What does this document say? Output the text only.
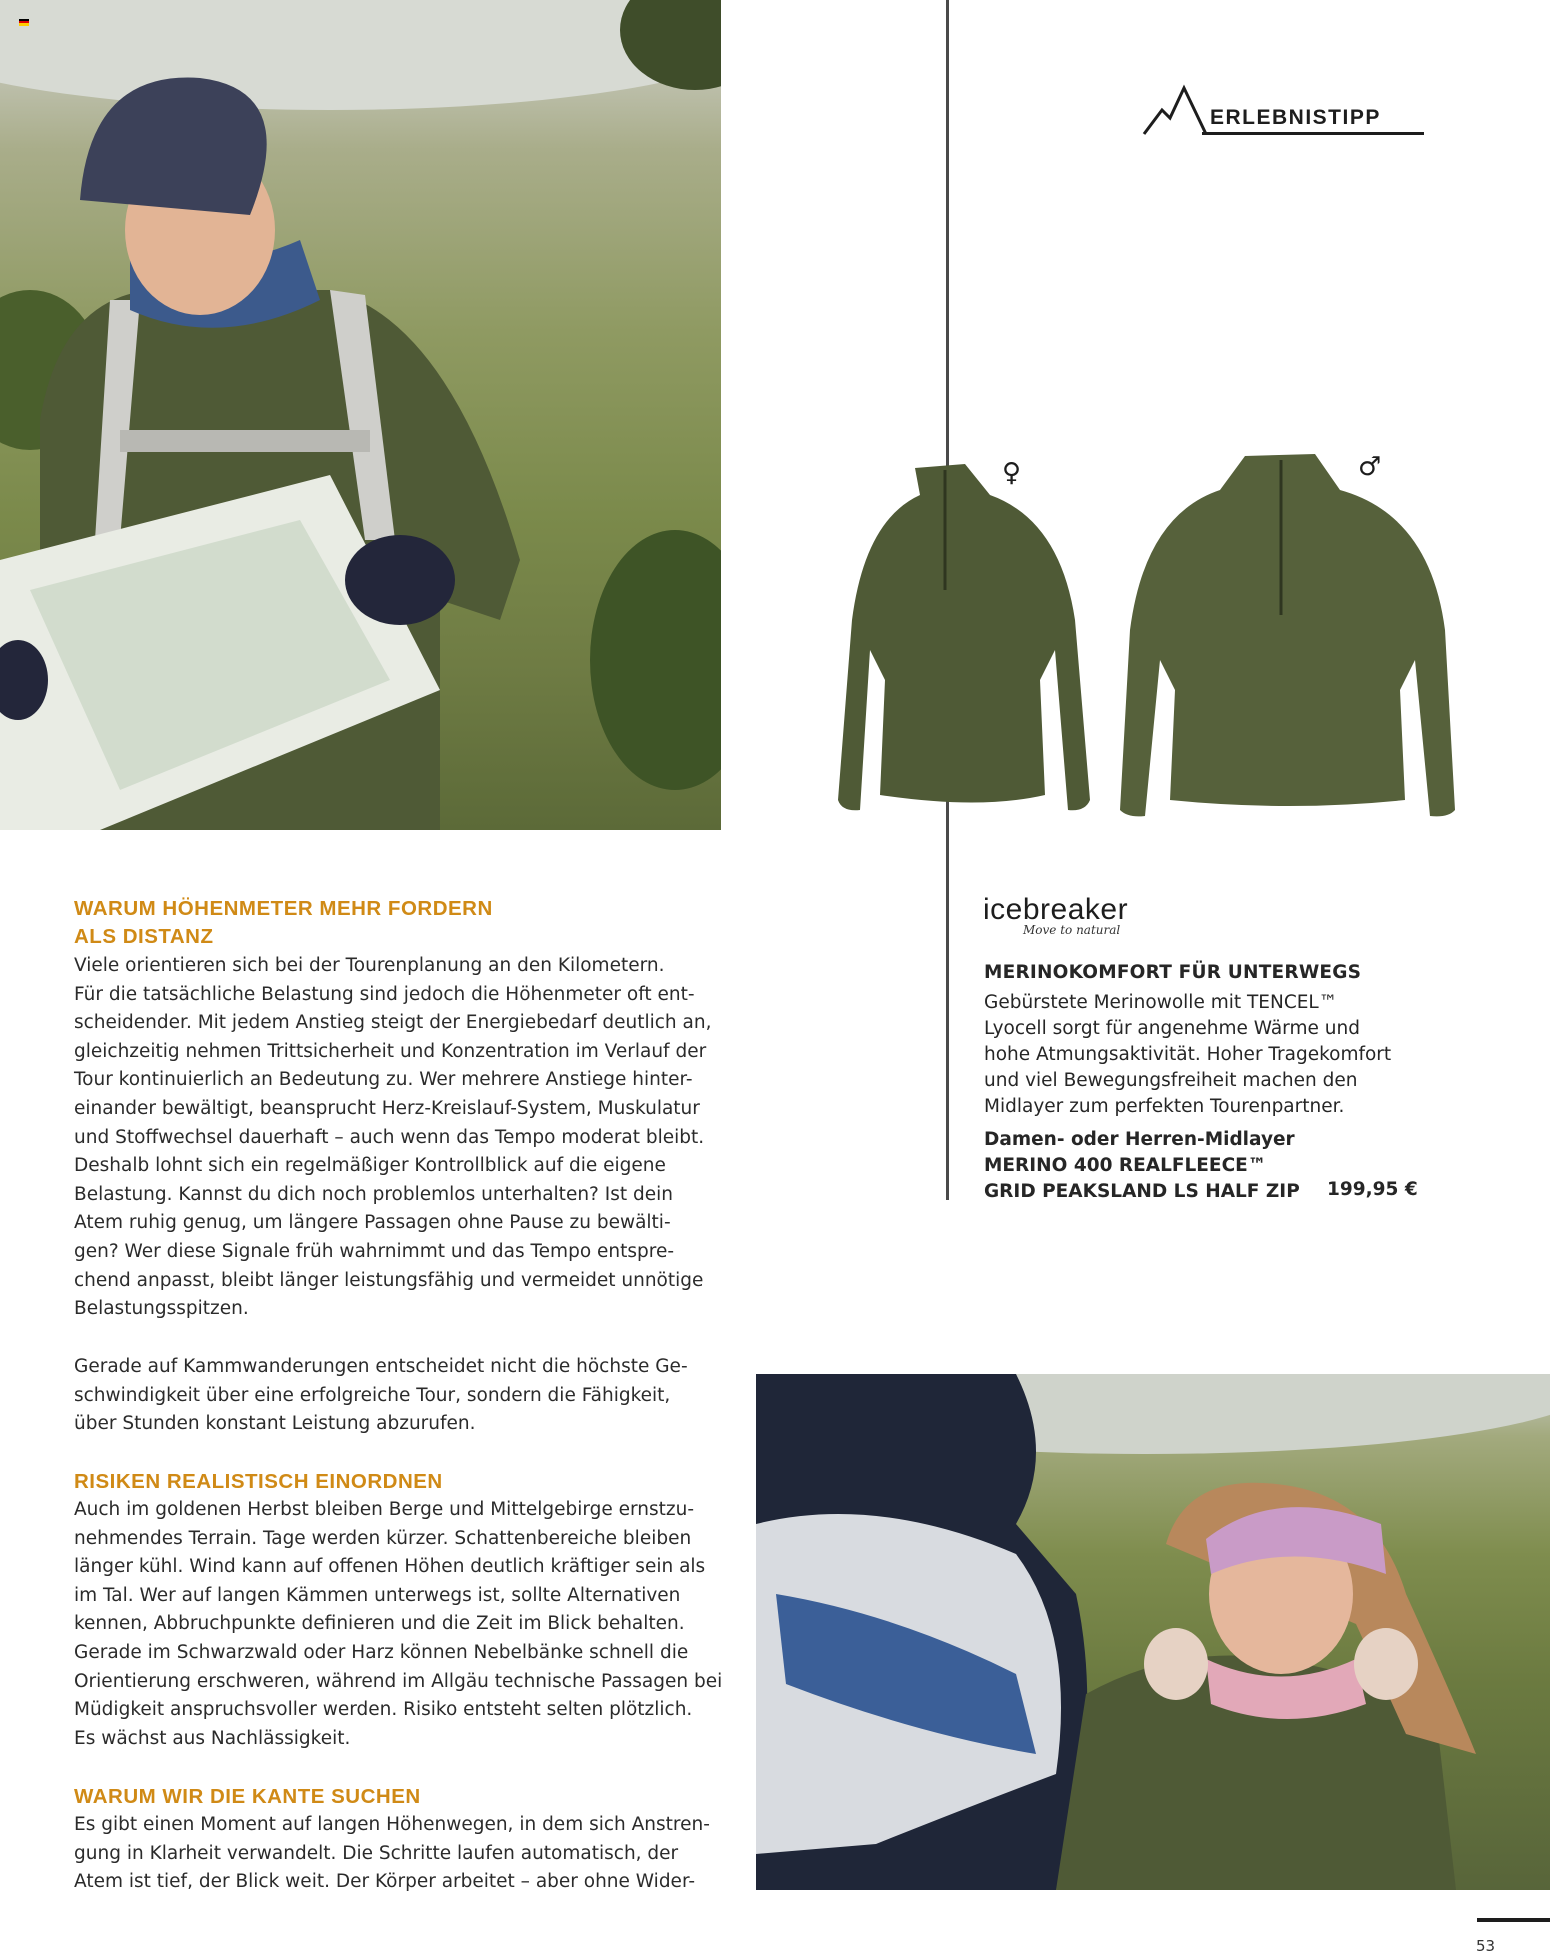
ERLEBNISTIPP
♀	♂
icebreaker
Move to natural
MERINOKOMFORT FÜR UNTERWEGS
Gebürstete Merinowolle mit TENCEL™
Lyocell sorgt für angenehme Wärme und
hohe Atmungsaktivität. Hoher Tragekomfort
und viel Bewegungsfreiheit machen den
Midlayer zum perfekten Tourenpartner.
Damen- oder Herren-Midlayer
MERINO 400 REALFLEECE™
GRID PEAKSLAND LS HALF ZIP	199,95 €
WARUM HÖHENMETER MEHR FORDERN
ALS DISTANZ
Viele orientieren sich bei der Tourenplanung an den Kilometern.
Für die tatsächliche Belastung sind jedoch die Höhenmeter oft ent-
scheidender. Mit jedem Anstieg steigt der Energiebedarf deutlich an,
gleichzeitig nehmen Trittsicherheit und Konzentration im Verlauf der
Tour kontinuierlich an Bedeutung zu. Wer mehrere Anstiege hinter-
einander bewältigt, beansprucht Herz-Kreislauf-System, Muskulatur
und Stoffwechsel dauerhaft – auch wenn das Tempo moderat bleibt.
Deshalb lohnt sich ein regelmäßiger Kontrollblick auf die eigene
Belastung. Kannst du dich noch problemlos unterhalten? Ist dein
Atem ruhig genug, um längere Passagen ohne Pause zu bewälti-
gen? Wer diese Signale früh wahrnimmt und das Tempo entspre-
chend anpasst, bleibt länger leistungsfähig und vermeidet unnötige
Belastungsspitzen.
Gerade auf Kammwanderungen entscheidet nicht die höchste Ge-
schwindigkeit über eine erfolgreiche Tour, sondern die Fähigkeit,
über Stunden konstant Leistung abzurufen.
RISIKEN REALISTISCH EINORDNEN
Auch im goldenen Herbst bleiben Berge und Mittelgebirge ernstzu-
nehmendes Terrain. Tage werden kürzer. Schattenbereiche bleiben
länger kühl. Wind kann auf offenen Höhen deutlich kräftiger sein als
im Tal. Wer auf langen Kämmen unterwegs ist, sollte Alternativen
kennen, Abbruchpunkte definieren und die Zeit im Blick behalten.
Gerade im Schwarzwald oder Harz können Nebelbänke schnell die
Orientierung erschweren, während im Allgäu technische Passagen bei
Müdigkeit anspruchsvoller werden. Risiko entsteht selten plötzlich.
Es wächst aus Nachlässigkeit.
WARUM WIR DIE KANTE SUCHEN
Es gibt einen Moment auf langen Höhenwegen, in dem sich Anstren-
gung in Klarheit verwandelt. Die Schritte laufen automatisch, der
Atem ist tief, der Blick weit. Der Körper arbeitet – aber ohne Wider-
53
